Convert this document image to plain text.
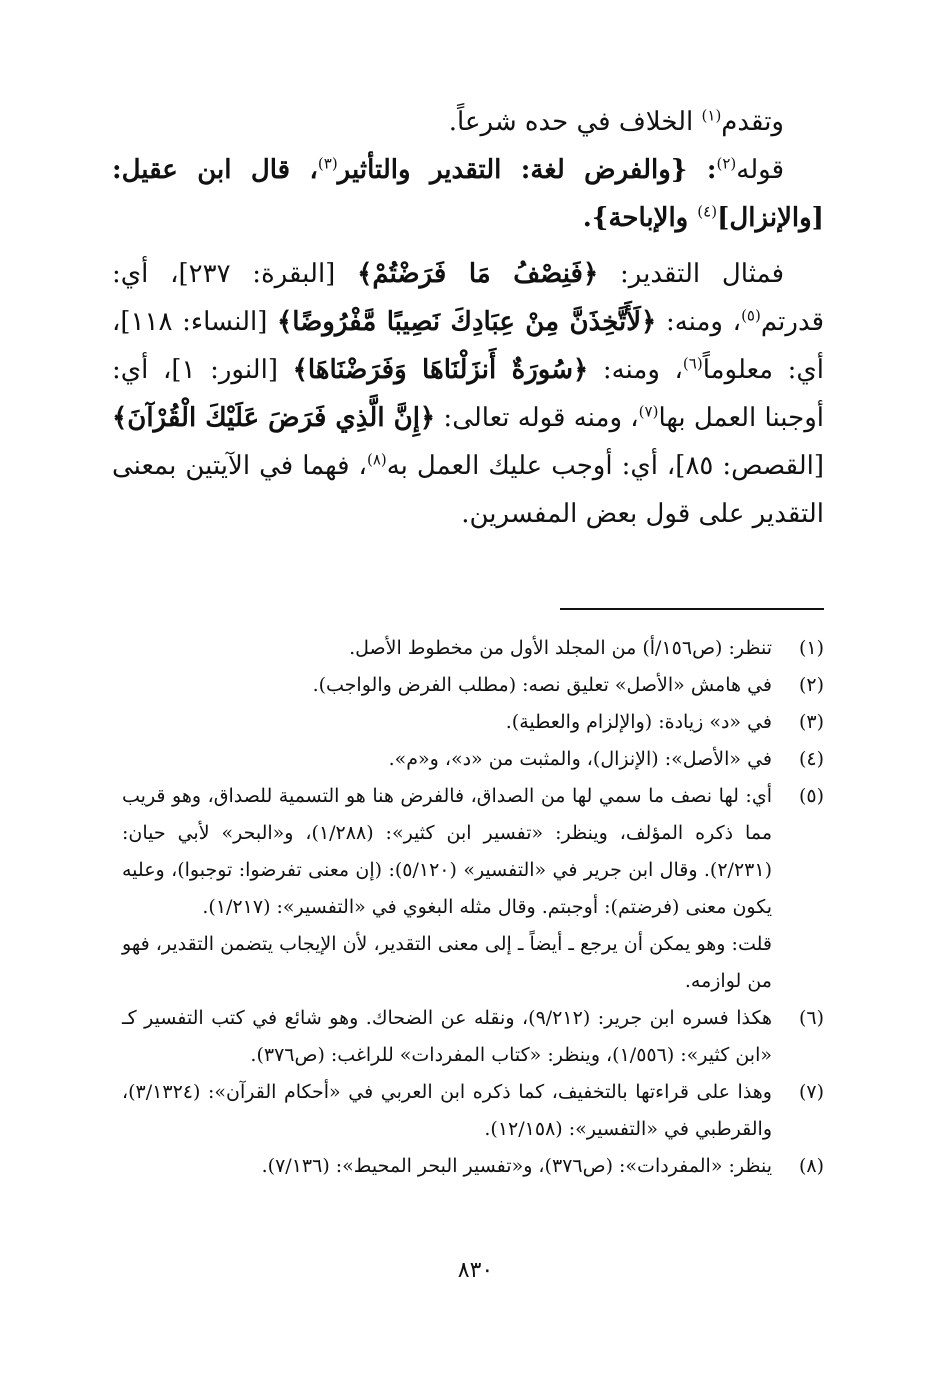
وتقدم$^{(١)}$ الخلاف في حده شرعاً.

قوله$^{(٢)}$: {والفرض لغة: التقدير والتأثير$^{(٣)}$، قال ابن عقيل: [والإنزال]$^{(٤)}$ والإباحة}.

فمثال التقدير: ﴿فَنِصْفُ مَا فَرَضْتُمْ﴾ [البقرة: ٢٣٧]، أي: قدرتم$^{(٥)}$، ومنه: ﴿لَأَتَّخِذَنَّ مِنْ عِبَادِكَ نَصِيبًا مَّفْرُوضًا﴾ [النساء: ١١٨]، أي: معلوماً$^{(٦)}$، ومنه: ﴿سُورَةٌ أَنزَلْنَاهَا وَفَرَضْنَاهَا﴾ [النور: ١]، أي: أوجبنا العمل بها$^{(٧)}$، ومنه قوله تعالى: ﴿إِنَّ الَّذِي فَرَضَ عَلَيْكَ الْقُرْآنَ﴾ [القصص: ٨٥]، أي: أوجب عليك العمل به$^{(٨)}$، فهما في الآيتين بمعنى التقدير على قول بعض المفسرين.

(١)

تنظر: (ص١٥٦/أ) من المجلد الأول من مخطوط الأصل.

(٢)

في هامش «الأصل» تعليق نصه: (مطلب الفرض والواجب).

(٣)

في «د» زيادة: (والإلزام والعطية).

(٤)

في «الأصل»: (الإنزال)، والمثبت من «د»، و«م».

(٥)

أي: لها نصف ما سمي لها من الصداق، فالفرض هنا هو التسمية للصداق، وهو قريب مما ذكره المؤلف، وينظر: «تفسير ابن كثير»: (١/٢٨٨)، و«البحر» لأبي حيان: (٢/٢٣١). وقال ابن جرير في «التفسير» (٥/١٢٠): (إن معنى تفرضوا: توجبوا)، وعليه يكون معنى (فرضتم): أوجبتم. وقال مثله البغوي في «التفسير»: (١/٢١٧).

قلت: وهو يمكن أن يرجع ـ أيضاً ـ إلى معنى التقدير، لأن الإيجاب يتضمن التقدير، فهو من لوازمه.

(٦)

هكذا فسره ابن جرير: (٩/٢١٢)، ونقله عن الضحاك. وهو شائع في كتب التفسير كـ «ابن كثير»: (١/٥٥٦)، وينظر: «كتاب المفردات» للراغب: (ص٣٧٦).

(٧)

وهذا على قراءتها بالتخفيف، كما ذكره ابن العربي في «أحكام القرآن»: (٣/١٣٢٤)، والقرطبي في «التفسير»: (١٢/١٥٨).

(٨)

ينظر: «المفردات»: (ص٣٧٦)، و«تفسير البحر المحيط»: (٧/١٣٦).

٨٣٠
